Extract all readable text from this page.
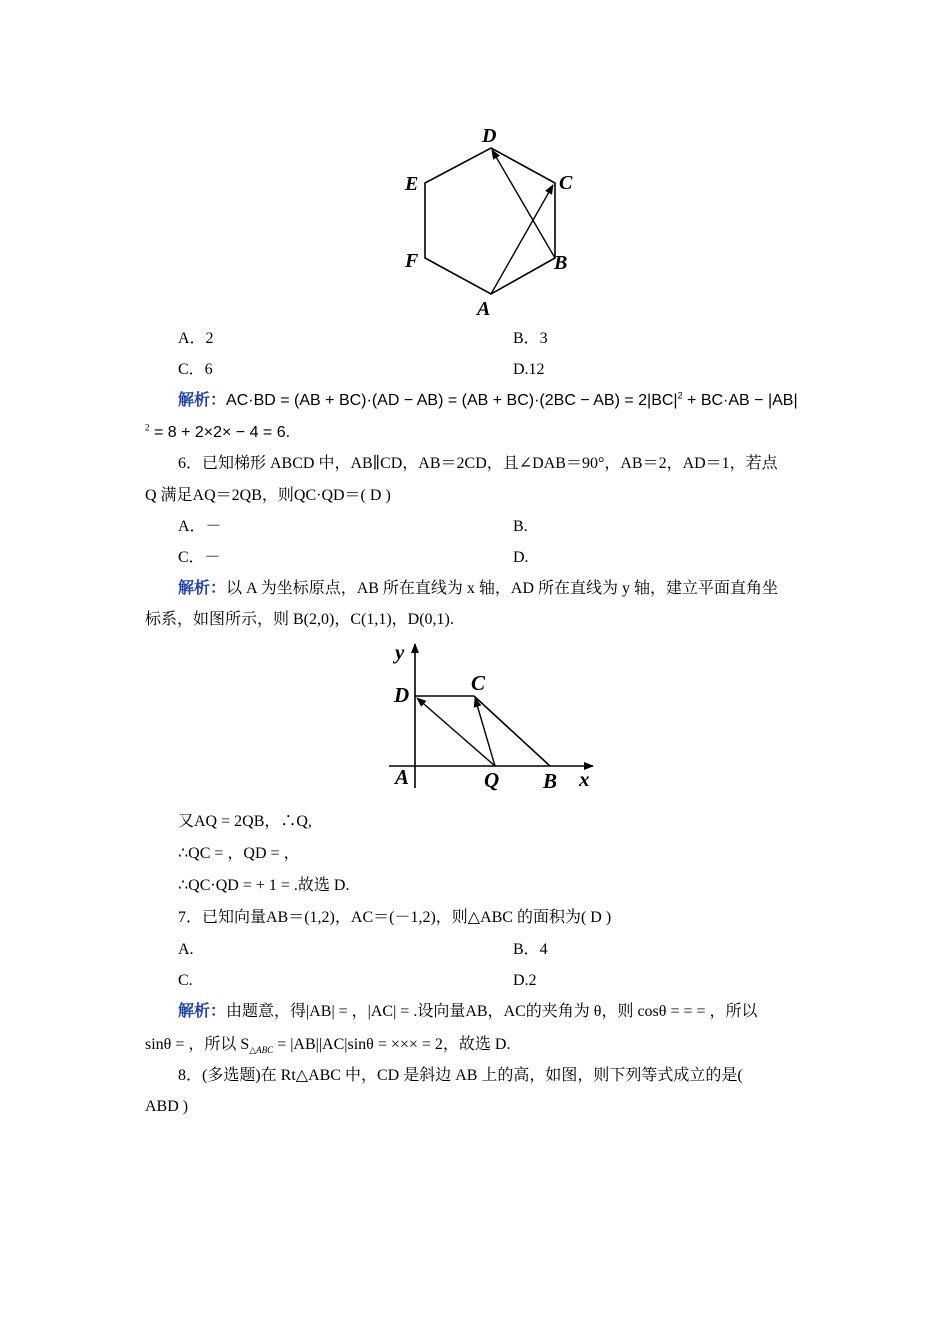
D
C
E
F	B
A
A．2	B．3
C．6	D.12
解析：$AC\cdot BD = (AB + BC)\cdot(AD - AB) = (AB + BC)\cdot(2BC - AB) = 2|BC|^2 + BC\cdot AB - |AB|$
$^2$ = 8 + 2×2× − 4 = 6.
6．已知梯形 ABCD 中，AB∥CD，AB＝2CD，且∠DAB＝90°，AB＝2，AD＝1，若点
Q 满足AQ＝2QB，则QC·QD＝( D )
A．－	B.
C．－	D.
解析：以 A 为坐标原点，AB 所在直线为 x 轴，AD 所在直线为 y 轴，建立平面直角坐
标系，如图所示，则 B(2,0)，C(1,1)，D(0,1).
y
x
D	C
A	Q B
又AQ = 2QB，∴Q,
∴QC = ，QD = ，
∴QC·QD = + 1 = .故选 D.
7．已知向量AB＝(1,2)，AC＝(－1,2)，则△ABC 的面积为( D )
A.	B．4
C.	D.2
解析：由题意，得|AB| = ，|AC| = .设向量AB，AC的夹角为 θ，则 cosθ = = = ，所以
sinθ = ，所以 $S_{\triangle ABC} = |AB||AC|\sin\theta$ = ××× = 2，故选 D.
8．(多选题)在 Rt△ABC 中，CD 是斜边 AB 上的高，如图，则下列等式成立的是(
ABD )
